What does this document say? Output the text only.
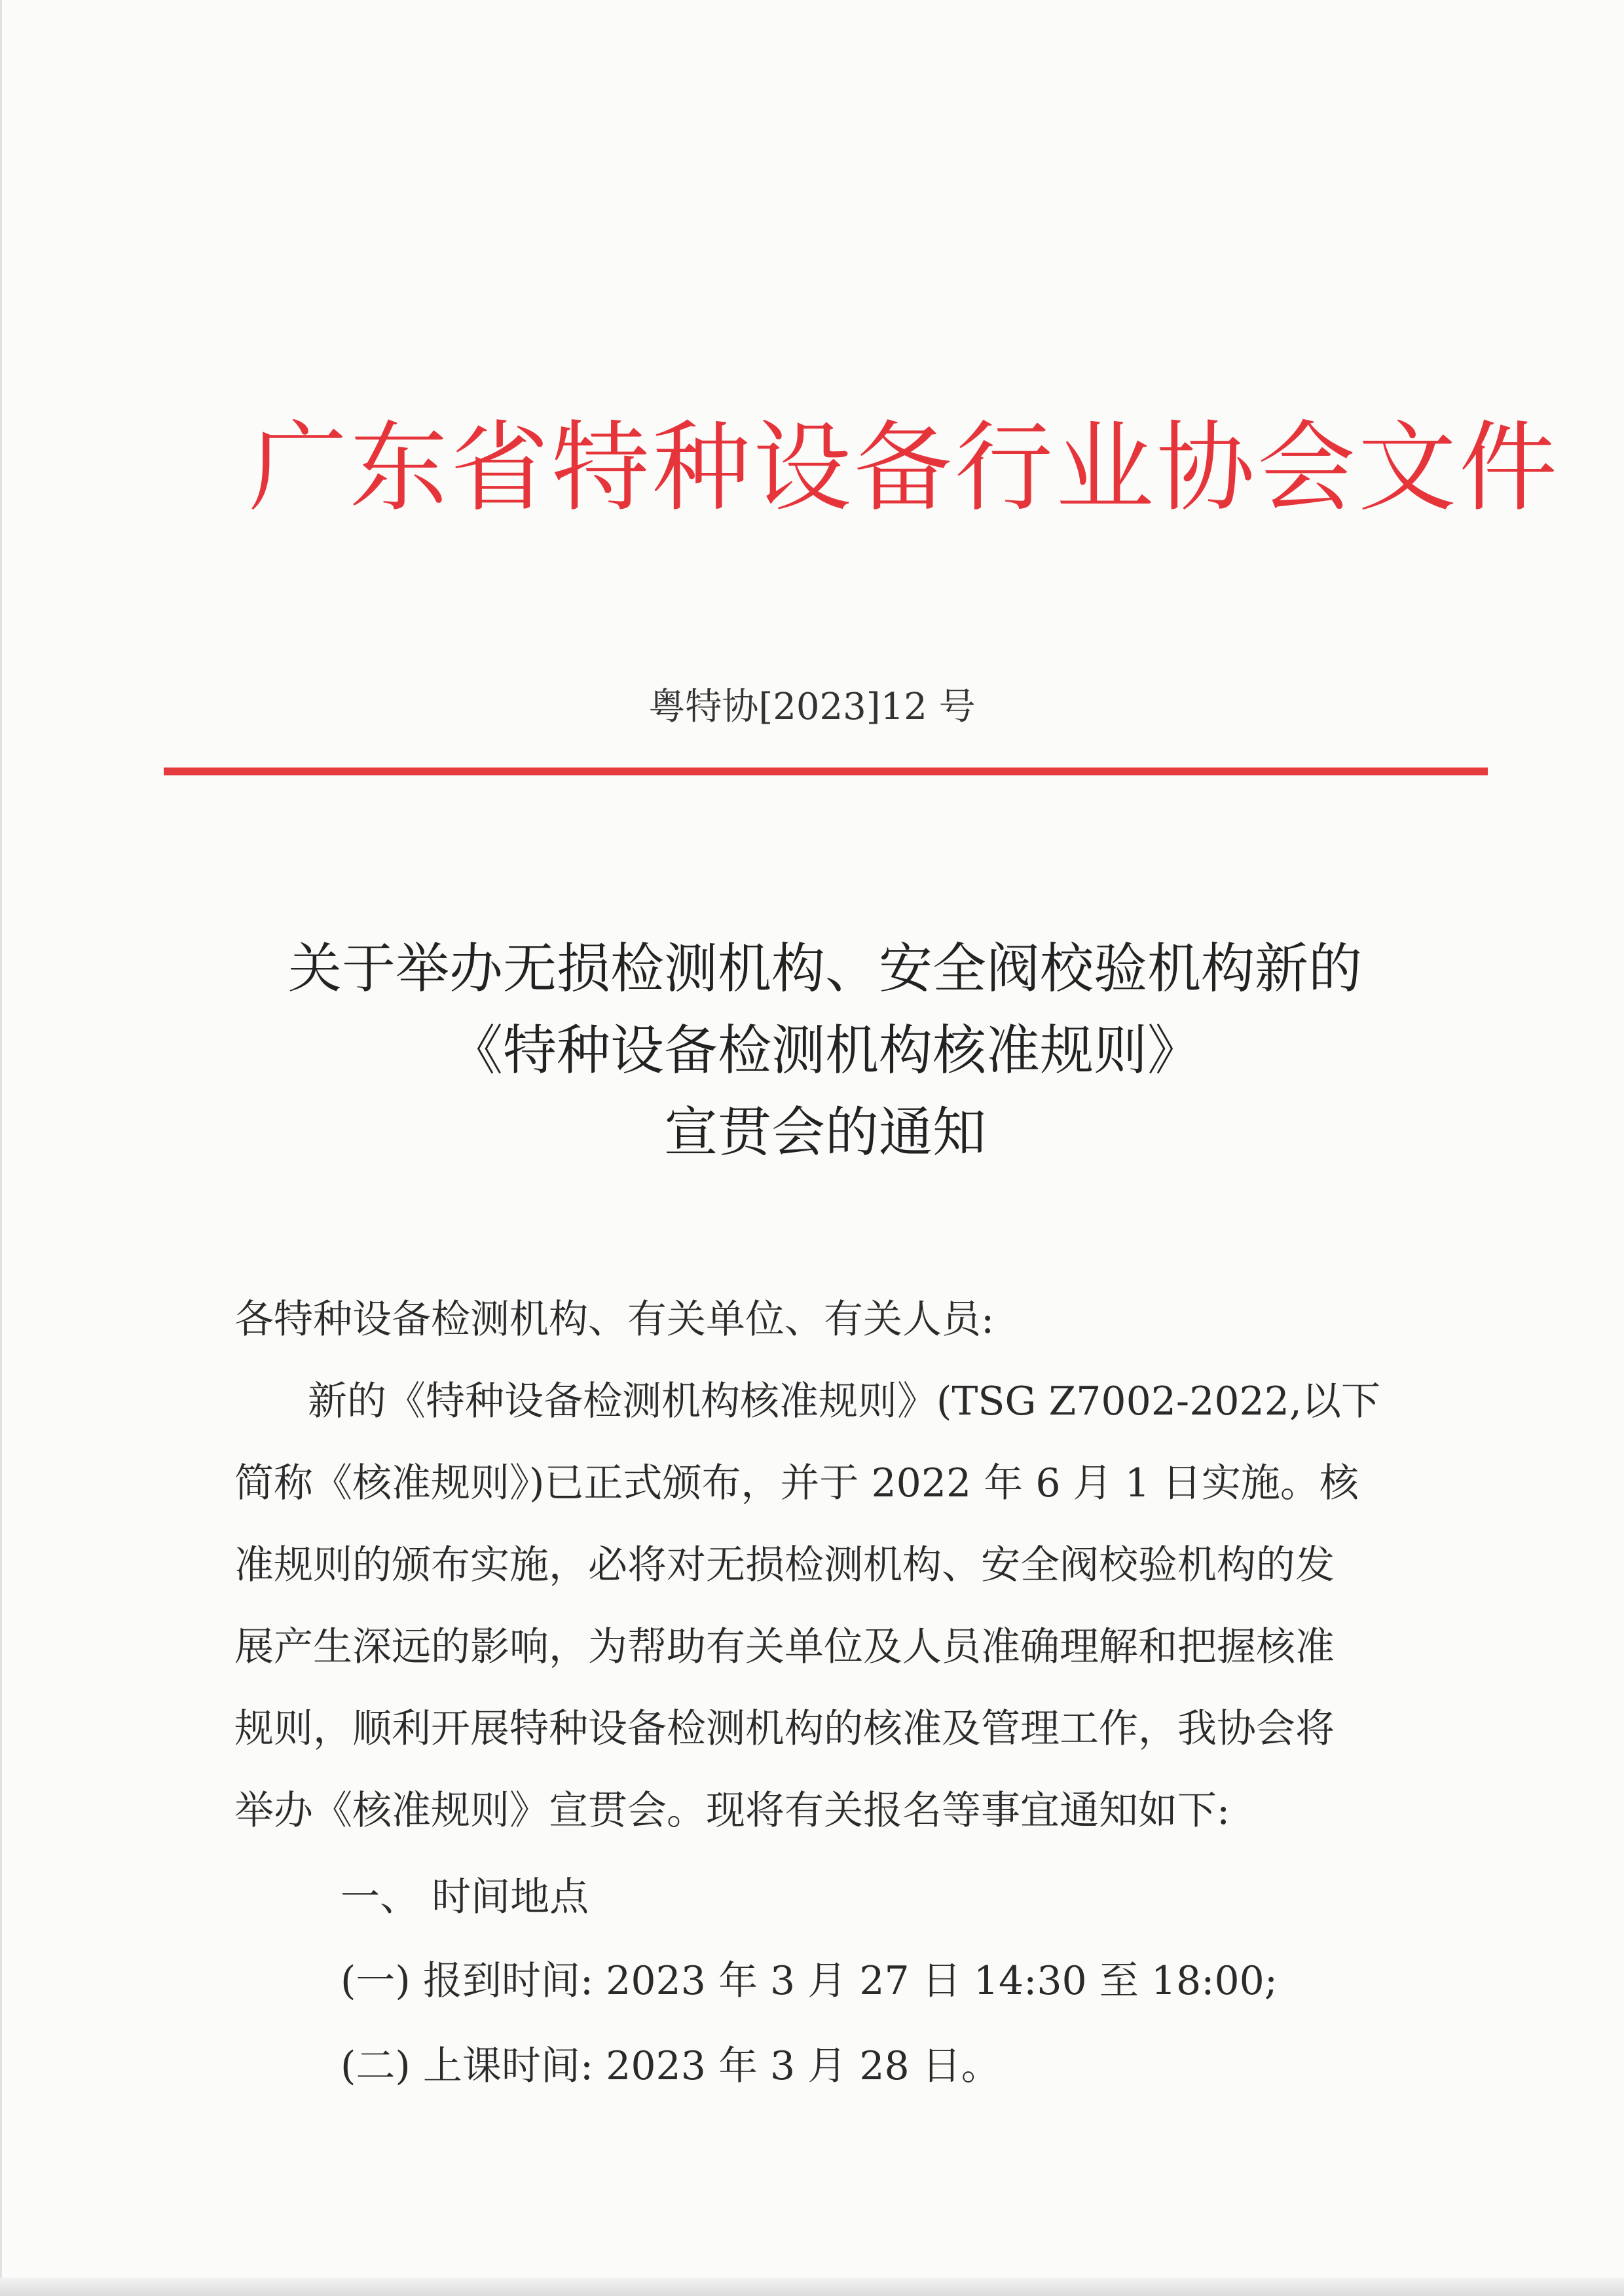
广东省特种设备行业协会文件
粤特协[2023]12 号
关于举办无损检测机构、安全阀校验机构新的
《特种设备检测机构核准规则》
宣贯会的通知
各特种设备检测机构、有关单位、有关人员:
新的《特种设备检测机构核准规则》(TSG Z7002-2022,以下
简称《核准规则》)已正式颁布，并于 2022 年 6 月 1 日实施。核
准规则的颁布实施，必将对无损检测机构、安全阀校验机构的发
展产生深远的影响，为帮助有关单位及人员准确理解和把握核准
规则，顺利开展特种设备检测机构的核准及管理工作，我协会将
举办《核准规则》宣贯会。现将有关报名等事宜通知如下:
一、 时间地点
(一) 报到时间: 2023 年 3 月 27 日 14:30 至 18:00;
(二) 上课时间: 2023 年 3 月 28 日。
